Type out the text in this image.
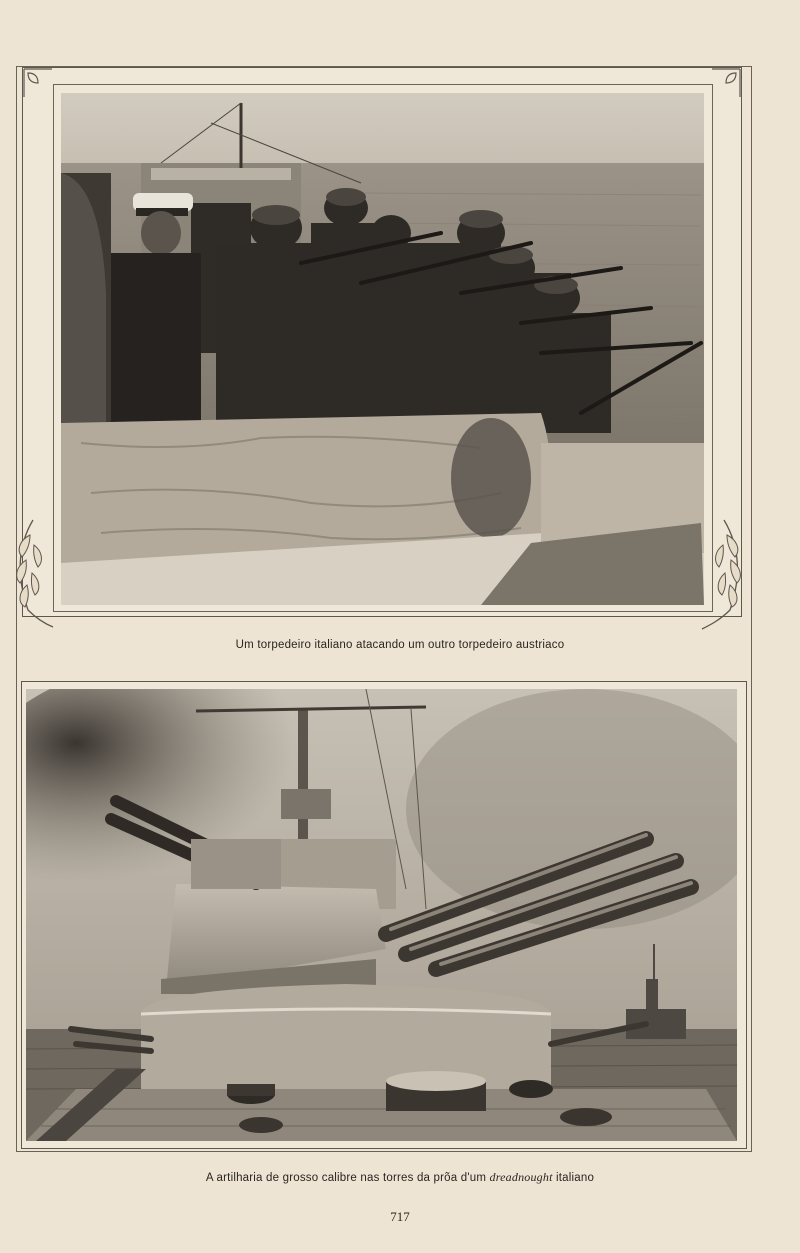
Um torpedeiro italiano atacando um outro torpedeiro austriaco
A artilharia de grosso calibre nas torres da prõa d'um dreadnought italiano
717
